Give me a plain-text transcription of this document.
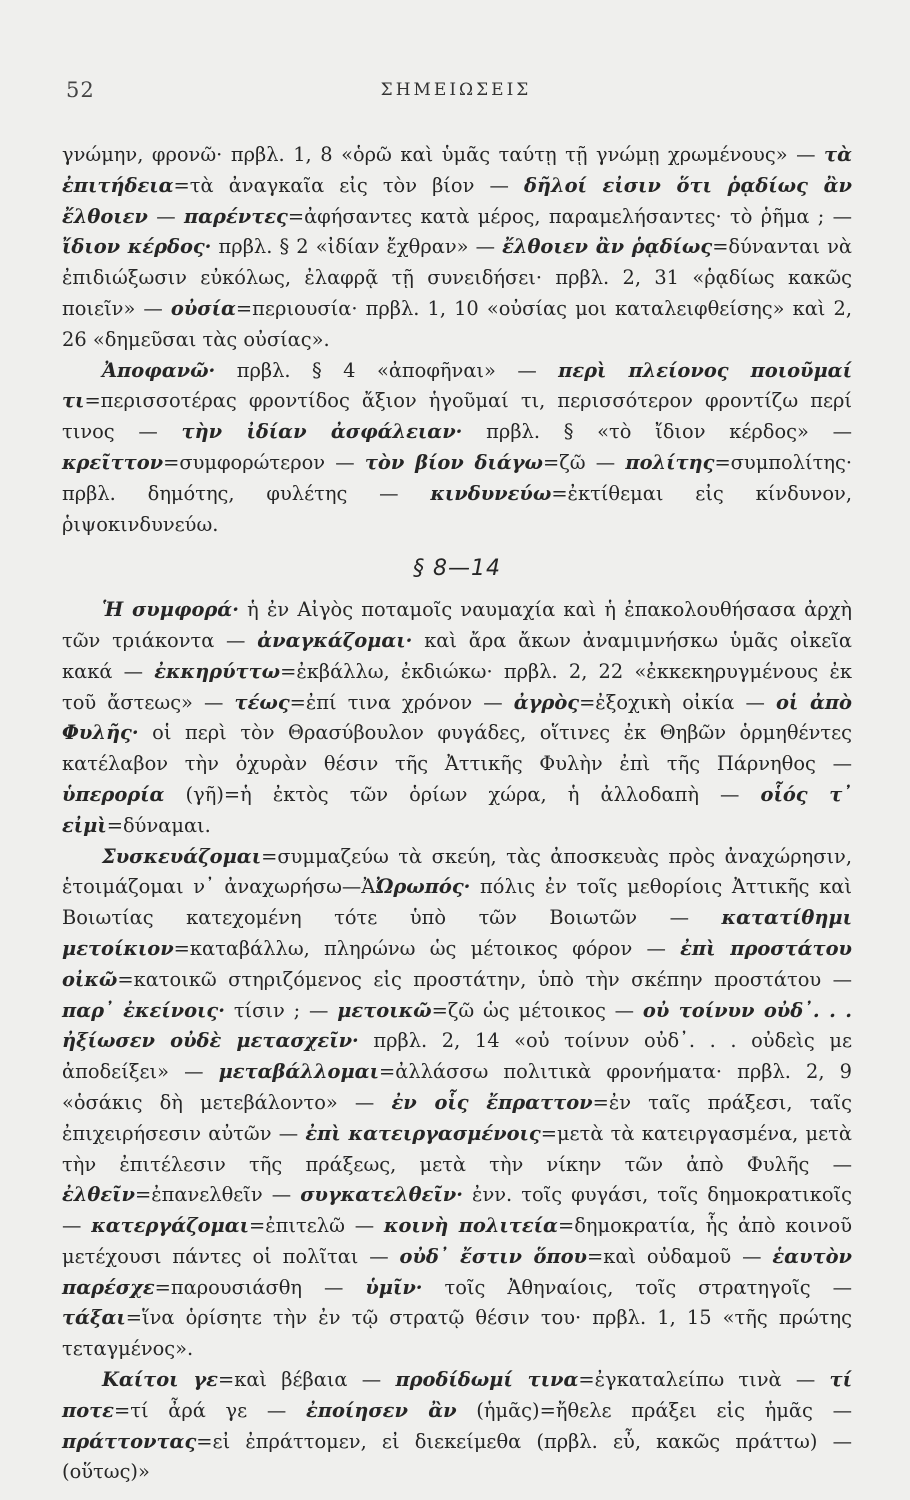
52	ΣΗΜΕΙΩΣΕΙΣ

γνώμην, φρονῶ· πρβλ. 1, 8 «ὁρῶ καὶ ὑμᾶς ταύτῃ τῇ γνώμῃ χρωμένους» — τὰ ἐπιτήδεια=τὰ ἀναγκαῖα εἰς τὸν βίον — δῆλοί εἰσιν ὅτι ῥᾳδίως ἂν ἔλθοιεν — παρέντες=ἀφήσαντες κατὰ μέρος, παραμελήσαντες· τὸ ῥῆμα ; — ἴδιον κέρδος· πρβλ. § 2 «ἰδίαν ἔχθραν» — ἔλθοιεν ἂν ῥᾳδίως=δύνανται νὰ ἐπιδιώξωσιν εὐκόλως, ἐλαφρᾷ τῇ συνειδήσει· πρβλ. 2, 31 «ῥᾳδίως κακῶς ποιεῖν» — οὐσία=περιουσία· πρβλ. 1, 10 «οὐσίας μοι καταλειφθείσης» καὶ 2, 26 «δημεῦσαι τὰς οὐσίας».

Ἀποφανῶ· πρβλ. § 4 «ἀποφῆναι» — περὶ πλείονος ποιοῦμαί τι=περισσοτέρας φροντίδος ἄξιον ἡγοῦμαί τι, περισσότερον φροντίζω περί τινος — τὴν ἰδίαν ἀσφάλειαν· πρβλ. § «τὸ ἴδιον κέρδος» — κρεῖττον=συμφορώτερον — τὸν βίον διάγω=ζῶ — πολίτης=συμπολίτης· πρβλ. δημότης, φυλέτης — κινδυνεύω=ἐκτίθεμαι εἰς κίνδυνον, ῥιψοκινδυνεύω.

§ 8—14

Ἡ συμφορά· ἡ ἐν Αἰγὸς ποταμοῖς ναυμαχία καὶ ἡ ἐπακολουθήσασα ἀρχὴ τῶν τριάκοντα — ἀναγκάζομαι· καὶ ἄρα ἄκων ἀναμιμνήσκω ὑμᾶς οἰκεῖα κακά — ἐκκηρύττω=ἐκβάλλω, ἐκδιώκω· πρβλ. 2, 22 «ἐκκεκηρυγμένους ἐκ τοῦ ἄστεως» — τέως=ἐπί τινα χρόνον — ἀγρὸς=ἐξοχικὴ οἰκία — οἱ ἀπὸ Φυλῆς· οἱ περὶ τὸν Θρασύβουλον φυγάδες, οἵτινες ἐκ Θηβῶν ὁρμηθέντες κατέλαβον τὴν ὀχυρὰν θέσιν τῆς Ἀττικῆς Φυλὴν ἐπὶ τῆς Πάρνηθος — ὑπερορία (γῆ)=ἡ ἐκτὸς τῶν ὁρίων χώρα, ἡ ἀλλοδαπὴ — οἷός τ᾽ εἰμὶ=δύναμαι.

Συσκευάζομαι=συμμαζεύω τὰ σκεύη, τὰς ἀποσκευὰς πρὸς ἀναχώρησιν, ἑτοιμάζομαι ν᾽ ἀναχωρήσω—ἈὨρωπός· πόλις ἐν τοῖς μεθορίοις Ἀττικῆς καὶ Βοιωτίας κατεχομένη τότε ὑπὸ τῶν Βοιωτῶν — κατατίθημι μετοίκιον=καταβάλλω, πληρώνω ὡς μέτοικος φόρον — ἐπὶ προστάτου οἰκῶ=κατοικῶ στηριζόμενος εἰς προστάτην, ὑπὸ τὴν σκέπην προστάτου — παρ᾽ ἐκείνοις· τίσιν ; — μετοικῶ=ζῶ ὡς μέτοικος — οὐ τοίνυν οὐδ᾽. . . ἠξίωσεν οὐδὲ μετασχεῖν· πρβλ. 2, 14 «οὐ τοίνυν οὐδ᾽. . . οὐδεὶς με ἀποδείξει» — μεταβάλλομαι=ἀλλάσσω πολιτικὰ φρονήματα· πρβλ. 2, 9 «ὁσάκις δὴ μετεβάλοντο» — ἐν οἷς ἔπραττον=ἐν ταῖς πράξεσι, ταῖς ἐπιχειρήσεσιν αὐτῶν — ἐπὶ κατειργασμένοις=μετὰ τὰ κατειργασμένα, μετὰ τὴν ἐπιτέλεσιν τῆς πράξεως, μετὰ τὴν νίκην τῶν ἀπὸ Φυλῆς — ἐλθεῖν=ἐπανελθεῖν — συγκατελθεῖν· ἐνν. τοῖς φυγάσι, τοῖς δημοκρατικοῖς — κατεργάζομαι=ἐπιτελῶ — κοινὴ πολιτεία=δημοκρατία, ἧς ἀπὸ κοινοῦ μετέχουσι πάντες οἱ πολῖται — οὐδ᾽ ἔστιν ὅπου=καὶ οὐδαμοῦ — ἑαυτὸν παρέσχε=παρουσιάσθη — ὑμῖν· τοῖς Ἀθηναίοις, τοῖς στρατηγοῖς — τάξαι=ἵνα ὁρίσητε τὴν ἐν τῷ στρατῷ θέσιν του· πρβλ. 1, 15 «τῆς πρώτης τεταγμένος».

Καίτοι γε=καὶ βέβαια — προδίδωμί τινα=ἐγκαταλείπω τινὰ — τί ποτε=τί ἆρά γε — ἐποίησεν ἂν (ἡμᾶς)=ἤθελε πράξει εἰς ἡμᾶς — πράττοντας=εἰ ἐπράττομεν, εἰ διεκείμεθα (πρβλ. εὖ, κακῶς πράττω) — (οὕτως)»
